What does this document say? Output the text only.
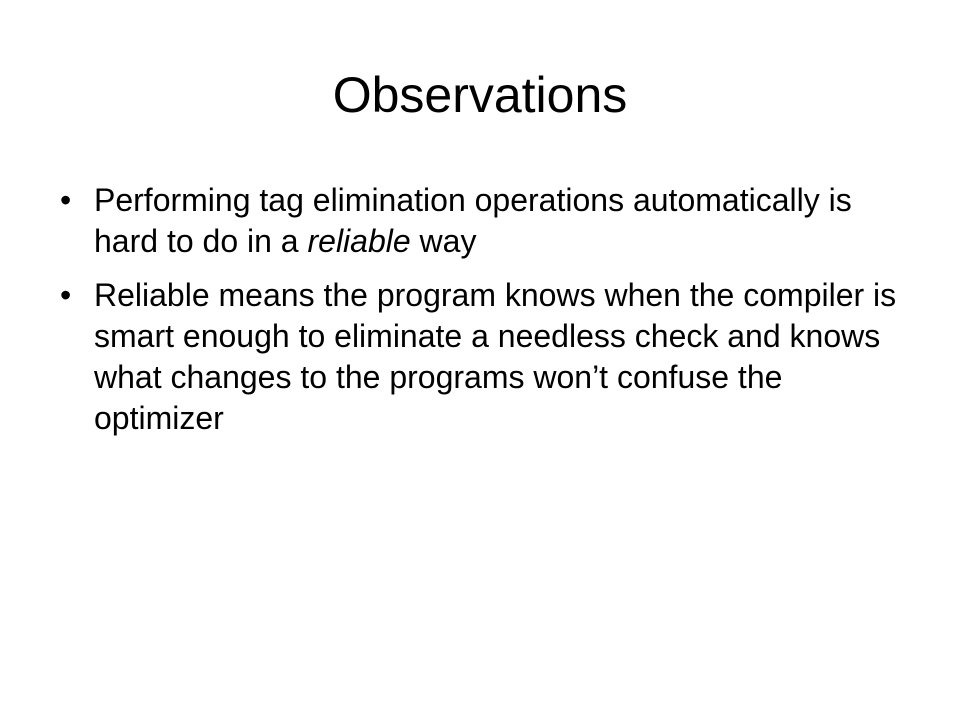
Observations
• Performing tag elimination operations automatically is hard to do in a reliable way
• Reliable means the program knows when the compiler is smart enough to eliminate a needless check and knows what changes to the programs won’t confuse the optimizer
